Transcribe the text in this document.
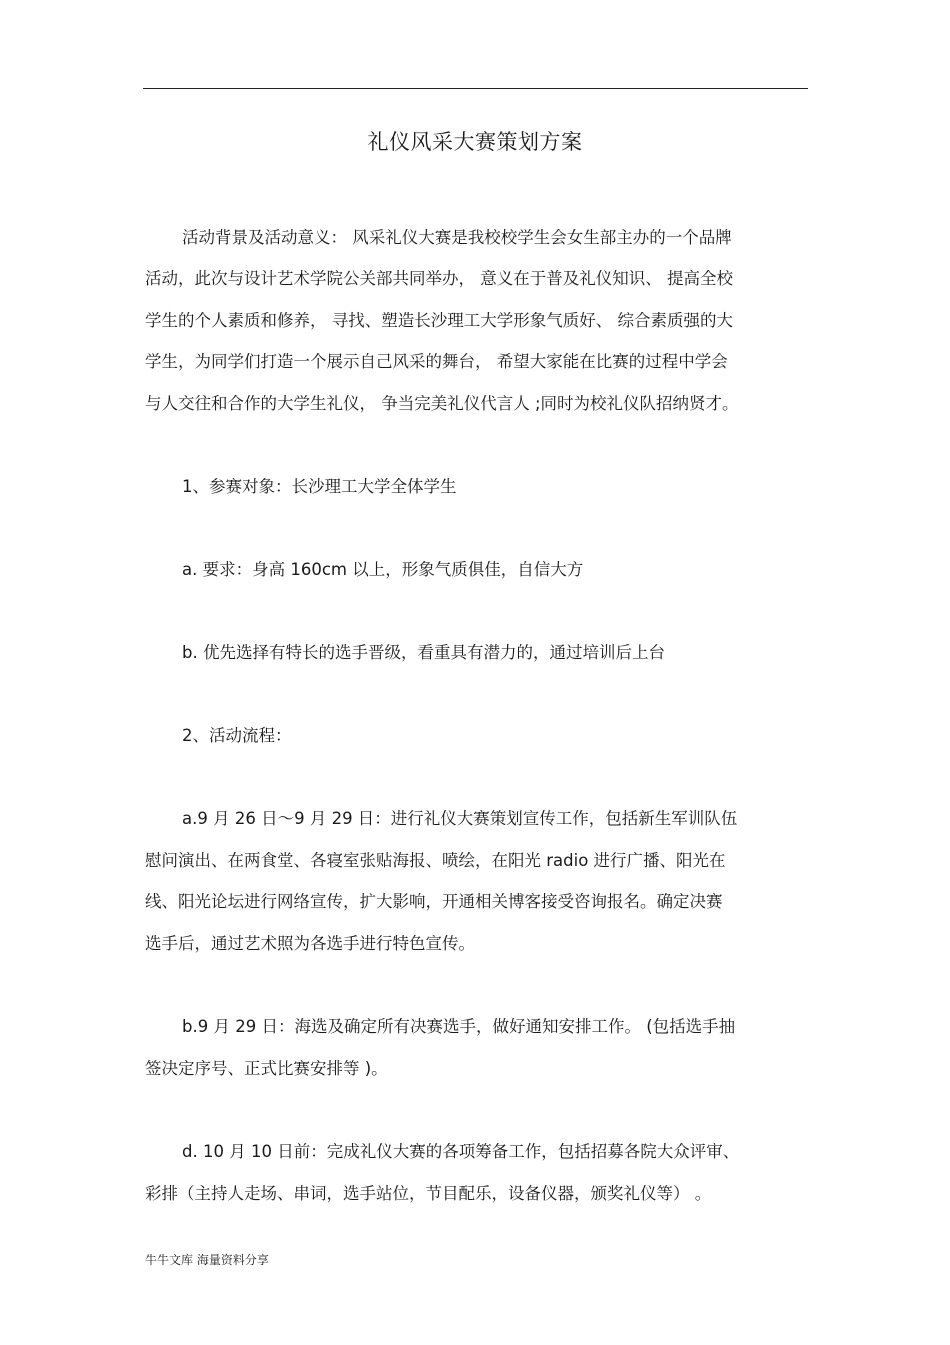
礼仪风采大赛策划方案
活动背景及活动意义： 风采礼仪大赛是我校校学生会女生部主办的一个品牌
活动，此次与设计艺术学院公关部共同举办， 意义在于普及礼仪知识、 提高全校
学生的个人素质和修养， 寻找、塑造长沙理工大学形象气质好、 综合素质强的大
学生，为同学们打造一个展示自己风采的舞台， 希望大家能在比赛的过程中学会
与人交往和合作的大学生礼仪， 争当完美礼仪代言人 ;同时为校礼仪队招纳贤才。
1、参赛对象：长沙理工大学全体学生
a. 要求：身高 160cm 以上，形象气质俱佳，自信大方
b. 优先选择有特长的选手晋级，看重具有潜力的，通过培训后上台
2、活动流程：
a.9 月 26 日～9 月 29 日：进行礼仪大赛策划宣传工作，包括新生军训队伍
慰问演出、在两食堂、各寝室张贴海报、喷绘，在阳光 radio 进行广播、阳光在
线、阳光论坛进行网络宣传，扩大影响，开通相关博客接受咨询报名。确定决赛
选手后，通过艺术照为各选手进行特色宣传。
b.9 月 29 日：海选及确定所有决赛选手，做好通知安排工作。 (包括选手抽
签决定序号、正式比赛安排等 )。
d. 10 月 10 日前：完成礼仪大赛的各项筹备工作，包括招募各院大众评审、
彩排（主持人走场、串词，选手站位，节目配乐，设备仪器，颁奖礼仪等） 。
牛牛文库 海量资料分享
